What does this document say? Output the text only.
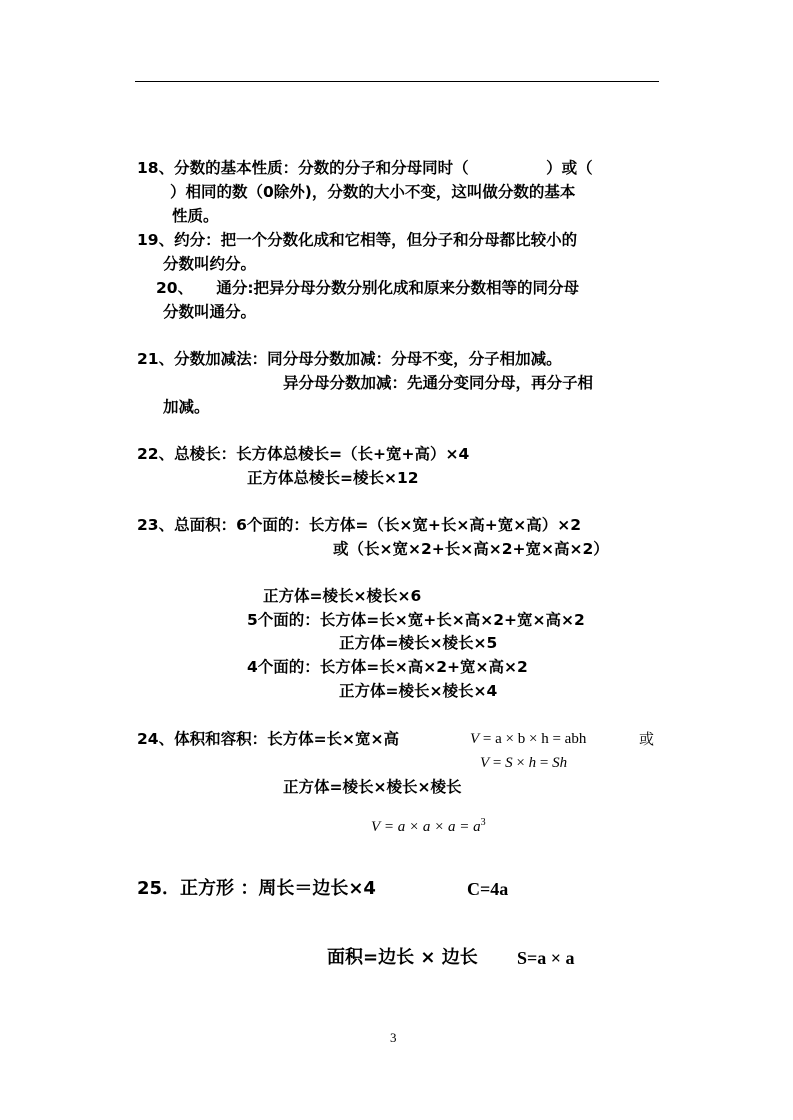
18、分数的基本性质：分数的分子和分母同时（　　　　　）或（
）相同的数（0除外)，分数的大小不变，这叫做分数的基本
性质。
19、约分：把一个分数化成和它相等，但分子和分母都比较小的
分数叫约分。
20、　　通分:把异分母分数分别化成和原来分数相等的同分母
分数叫通分。
21、分数加减法：同分母分数加减：分母不变，分子相加减。
异分母分数加减：先通分变同分母，再分子相
加减。
22、总棱长：长方体总棱长=（长+宽+高）×4
正方体总棱长=棱长×12
23、总面积：6个面的：长方体=（长×宽+长×高+宽×高）×2
或（长×宽×2+长×高×2+宽×高×2）
正方体=棱长×棱长×6
5个面的：长方体=长×宽+长×高×2+宽×高×2
正方体=棱长×棱长×5
4个面的：长方体=长×高×2+宽×高×2
正方体=棱长×棱长×4
24、体积和容积：长方体=长×宽×高	V = a × b × h = abh	或
V = S × h = Sh
正方体=棱长×棱长×棱长
$V = a \times a \times a = a^3$
25．正方形 ：周长＝边长×4	C=4a
面积=边长 × 边长 S=a × a
3
